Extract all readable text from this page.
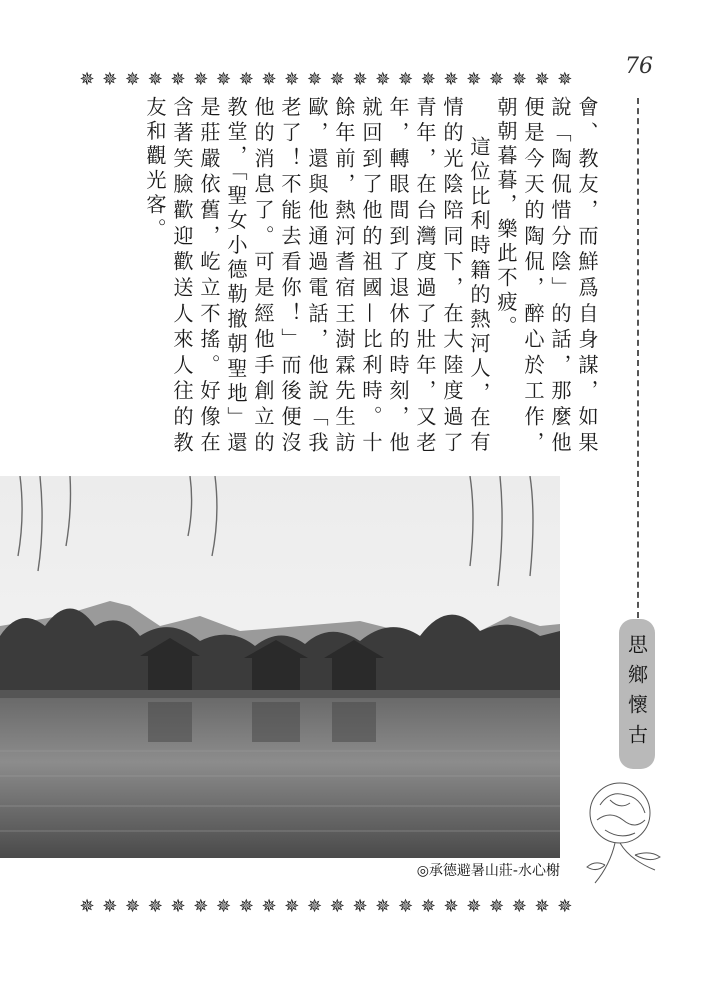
76
✵ ✵ ✵ ✵ ✵ ✵ ✵ ✵ ✵ ✵ ✵ ✵ ✵ ✵ ✵ ✵ ✵ ✵ ✵ ✵ ✵ ✵
思鄉懷古

會、教友，而鮮爲自身謀，如果說「陶侃惜分陰」的話，那麼他便是今天的陶侃，醉心於工作，朝朝暮暮，樂此不疲。

這位比利時籍的熱河人，在有情的光陰陪同下，在大陸度過了青年，在台灣度過了壯年，又老年，轉眼間到了退休的時刻，他就回到了他的祖國—比利時。十餘年前，熱河耆宿王澍霖先生訪歐，還與他通過電話，他說「我老了！不能去看你！」而後便沒他的消息了。可是經他手創立的教堂，「聖女小德勒撤朝聖地」還是莊嚴依舊，屹立不搖。好像在含著笑臉歡迎歡送人來人往的教友和觀光客。

◎承德避暑山莊-水心榭
✵ ✵ ✵ ✵ ✵ ✵ ✵ ✵ ✵ ✵ ✵ ✵ ✵ ✵ ✵ ✵ ✵ ✵ ✵ ✵ ✵ ✵
